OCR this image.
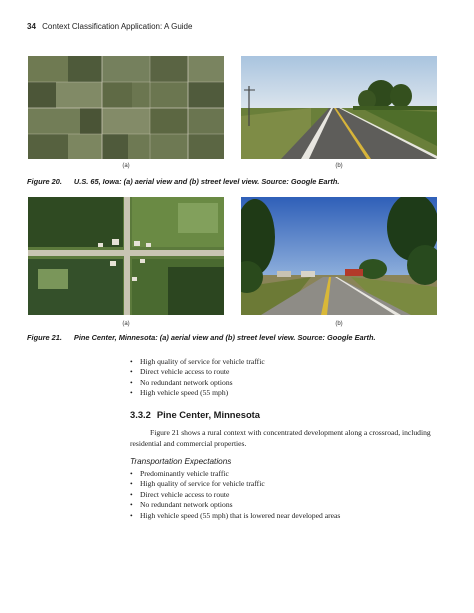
34 Context Classification Application: A Guide
(a)	(b)
Figure 20. U.S. 65, Iowa: (a) aerial view and (b) street level view. Source: Google Earth.
(a)	(b)
Figure 21. Pine Center, Minnesota: (a) aerial view and (b) street level view. Source: Google Earth.
• High quality of service for vehicle traffic
• Direct vehicle access to route
• No redundant network options
• High vehicle speed (55 mph)
3.3.2 Pine Center, Minnesota
Figure 21 shows a rural context with concentrated development along a crossroad, including residential and commercial properties.
Transportation Expectations
• Predominantly vehicle traffic
• High quality of service for vehicle traffic
• Direct vehicle access to route
• No redundant network options
• High vehicle speed (55 mph) that is lowered near developed areas
